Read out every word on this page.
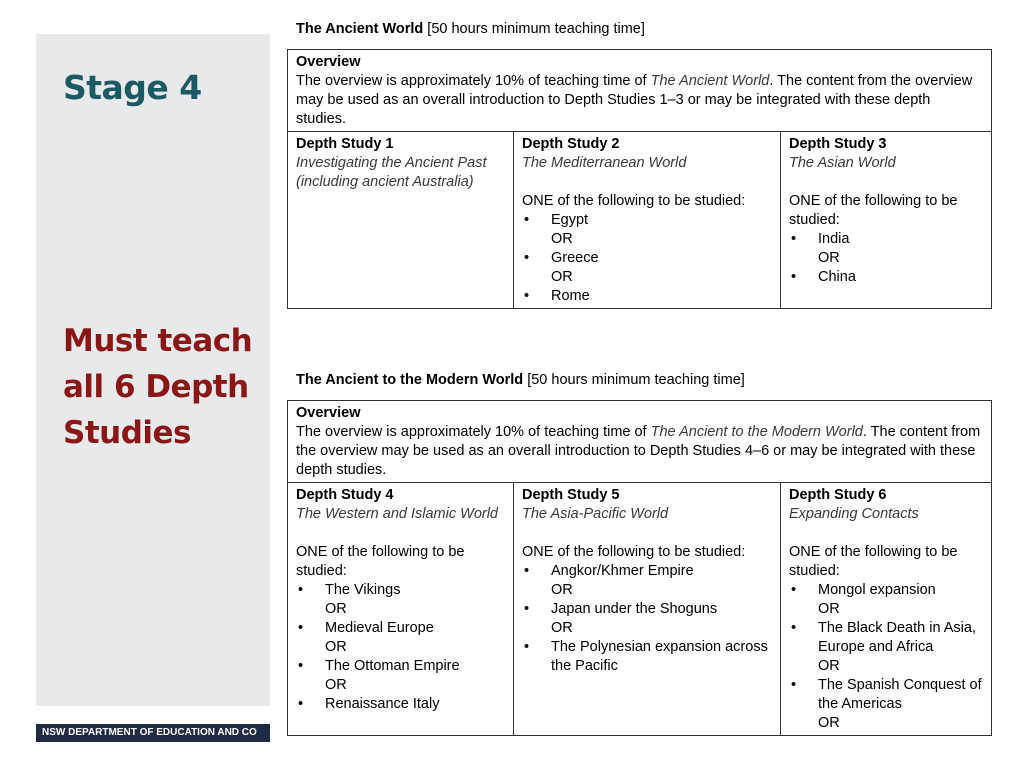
Stage 4

Must teach all 6 Depth Studies

NSW DEPARTMENT OF EDUCATION AND CO

The Ancient World [50 hours minimum teaching time]

Overview
The overview is approximately 10% of teaching time of The Ancient World. The content from the overview may be used as an overall introduction to Depth Studies 1–3 or may be integrated with these depth studies.

Depth Study 1
Investigating the Ancient Past (including ancient Australia)

Depth Study 2
The Mediterranean World
ONE of the following to be studied:
• Egypt
OR
• Greece
OR
• Rome

Depth Study 3
The Asian World
ONE of the following to be studied:
• India
OR
• China

The Ancient to the Modern World [50 hours minimum teaching time]

Overview
The overview is approximately 10% of teaching time of The Ancient to the Modern World. The content from the overview may be used as an overall introduction to Depth Studies 4–6 or may be integrated with these depth studies.

Depth Study 4
The Western and Islamic World
ONE of the following to be studied:
• The Vikings
OR
• Medieval Europe
OR
• The Ottoman Empire
OR
• Renaissance Italy

Depth Study 5
The Asia-Pacific World
ONE of the following to be studied:
• Angkor/Khmer Empire
OR
• Japan under the Shoguns
OR
• The Polynesian expansion across the Pacific

Depth Study 6
Expanding Contacts
ONE of the following to be studied:
• Mongol expansion
OR
• The Black Death in Asia, Europe and Africa
OR
• The Spanish Conquest of the Americas
OR
